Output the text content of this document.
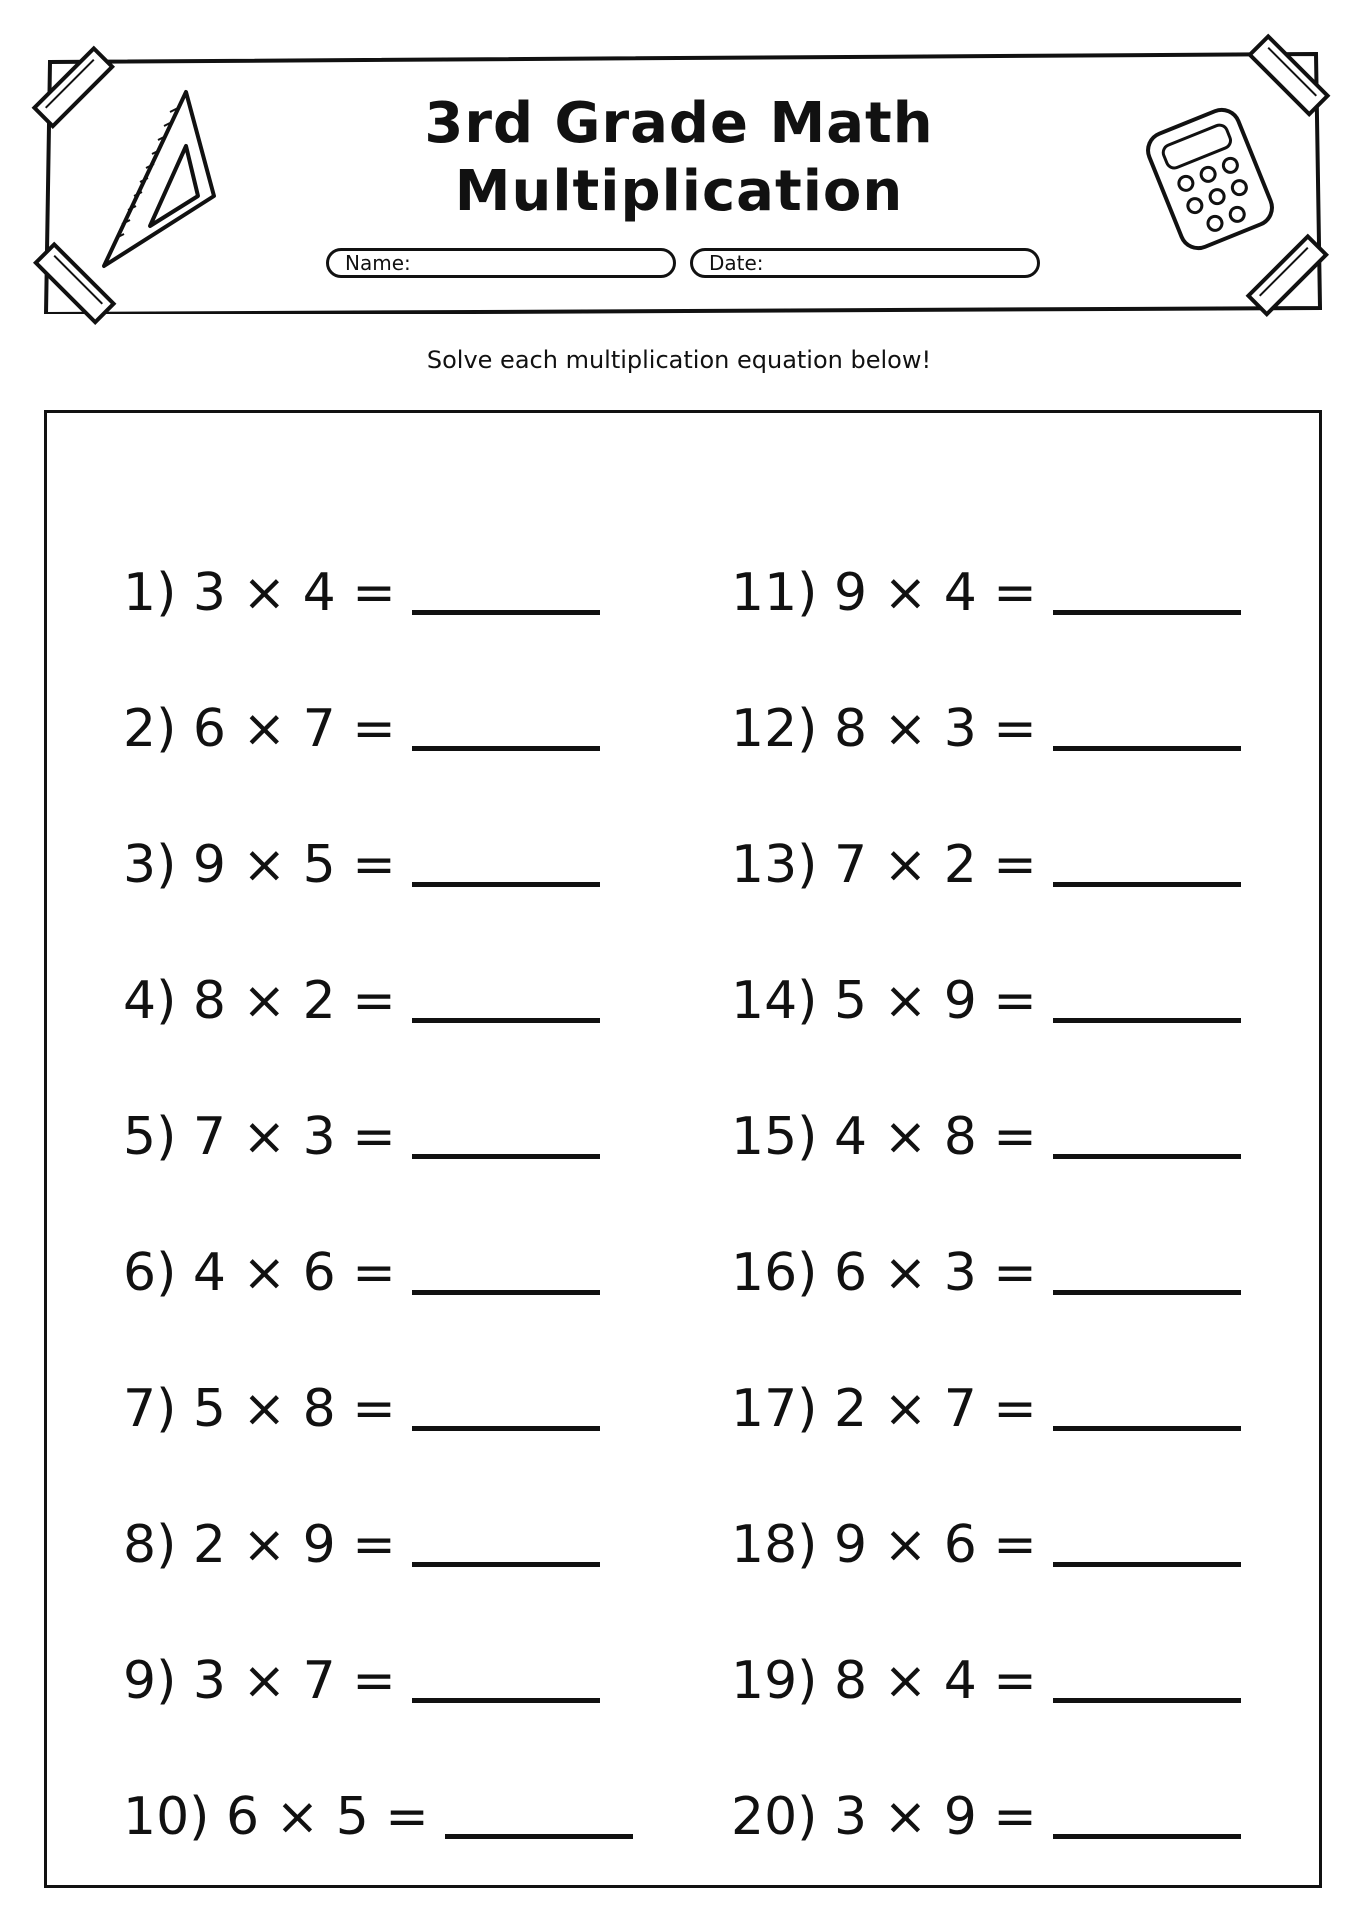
3rd Grade Math
Multiplication
Name:	Date:
Solve each multiplication equation below!
1) 3 × 4 =
2) 6 × 7 =
3) 9 × 5 =
4) 8 × 2 =
5) 7 × 3 =
6) 4 × 6 =
7) 5 × 8 =
8) 2 × 9 =
9) 3 × 7 =
10) 6 × 5 =
11) 9 × 4 =
12) 8 × 3 =
13) 7 × 2 =
14) 5 × 9 =
15) 4 × 8 =
16) 6 × 3 =
17) 2 × 7 =
18) 9 × 6 =
19) 8 × 4 =
20) 3 × 9 =
